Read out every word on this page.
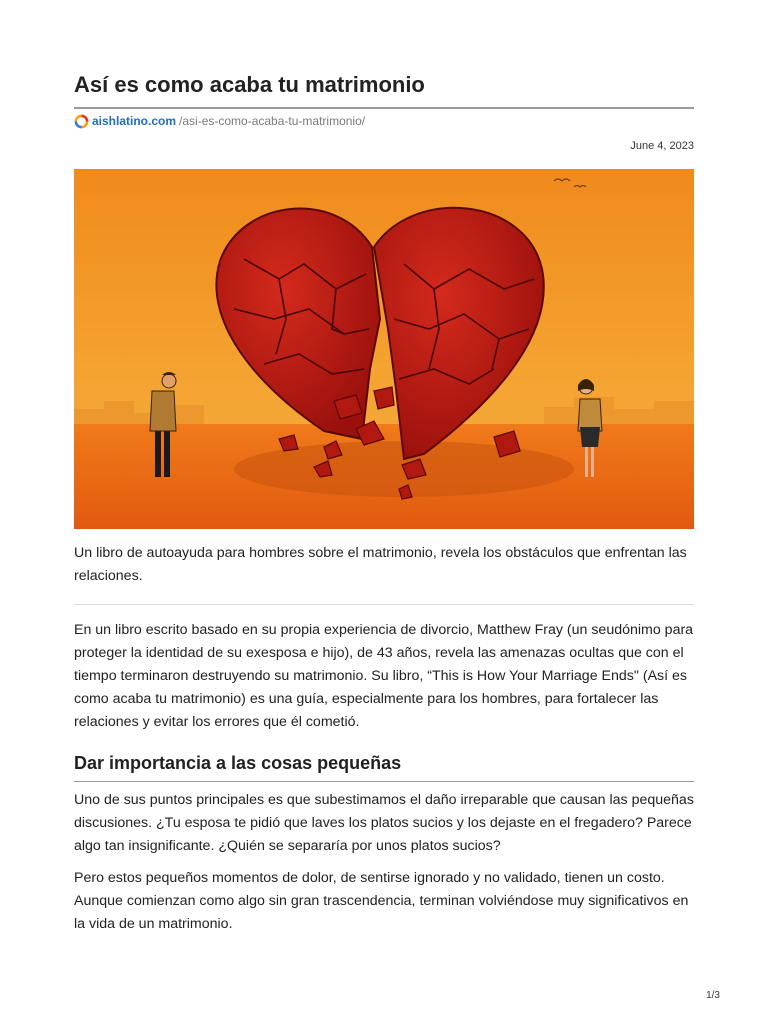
Así es como acaba tu matrimonio
aishlatino.com /asi-es-como-acaba-tu-matrimonio/
June 4, 2023

Un libro de autoayuda para hombres sobre el matrimonio, revela los obstáculos que enfrentan las relaciones.

En un libro escrito basado en su propia experiencia de divorcio, Matthew Fray (un seudónimo para proteger la identidad de su exesposa e hijo), de 43 años, revela las amenazas ocultas que con el tiempo terminaron destruyendo su matrimonio. Su libro, “This is How Your Marriage Ends" (Así es como acaba tu matrimonio) es una guía, especialmente para los hombres, para fortalecer las relaciones y evitar los errores que él cometió.

Dar importancia a las cosas pequeñas

Uno de sus puntos principales es que subestimamos el daño irreparable que causan las pequeñas discusiones. ¿Tu esposa te pidió que laves los platos sucios y los dejaste en el fregadero? Parece algo tan insignificante. ¿Quién se separaría por unos platos sucios?

Pero estos pequeños momentos de dolor, de sentirse ignorado y no validado, tienen un costo. Aunque comienzan como algo sin gran trascendencia, terminan volviéndose muy significativos en la vida de un matrimonio.

1/3
